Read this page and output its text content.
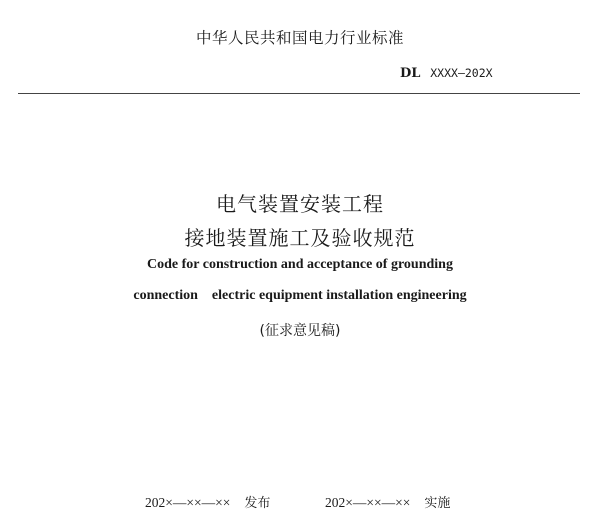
中华人民共和国电力行业标准
DL XXXX—202X
电气装置安装工程
接地装置施工及验收规范
Code for construction and acceptance of grounding
connection    electric equipment installation engineering
(征求意见稿)
202×—××—×× 发布	202×—××—×× 实施
